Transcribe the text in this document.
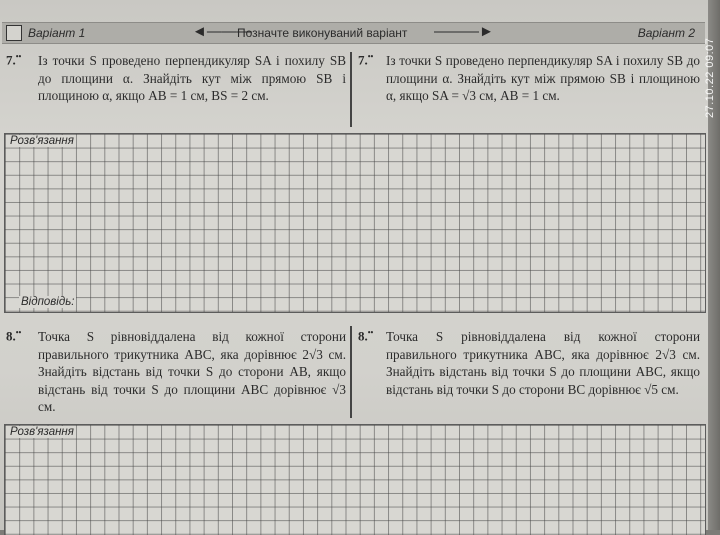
Варіант 1	◄———
Позначте виконуваний варіант ———►	Варіант 2
7.•• Із точки S проведено перпендикуляр SA і похилу SB до площини α. Знайдіть кут між прямою SB і площиною α, якщо AB = 1 см, BS = 2 см.
7.•• Із точки S проведено перпендикуляр SA і похилу SB до площини α. Знайдіть кут між прямою SB і площиною α, якщо SA = √3 см, AB = 1 см.
Розв'язання
Відповідь:
8.•• Точка S рівновіддалена від кожної сторони правильного трикутника ABC, яка дорівнює 2√3 см. Знайдіть відстань від точки S до сторони AB, якщо відстань від точки S до площини ABC дорівнює √3 см.
8.•• Точка S рівновіддалена від кожної сторони правильного трикутника ABC, яка дорівнює 2√3 см. Знайдіть відстань від точки S до площини ABC, якщо відстань від точки S до сторони BC дорівнює √5 см.
Розв'язання
27.10.22 09:07
